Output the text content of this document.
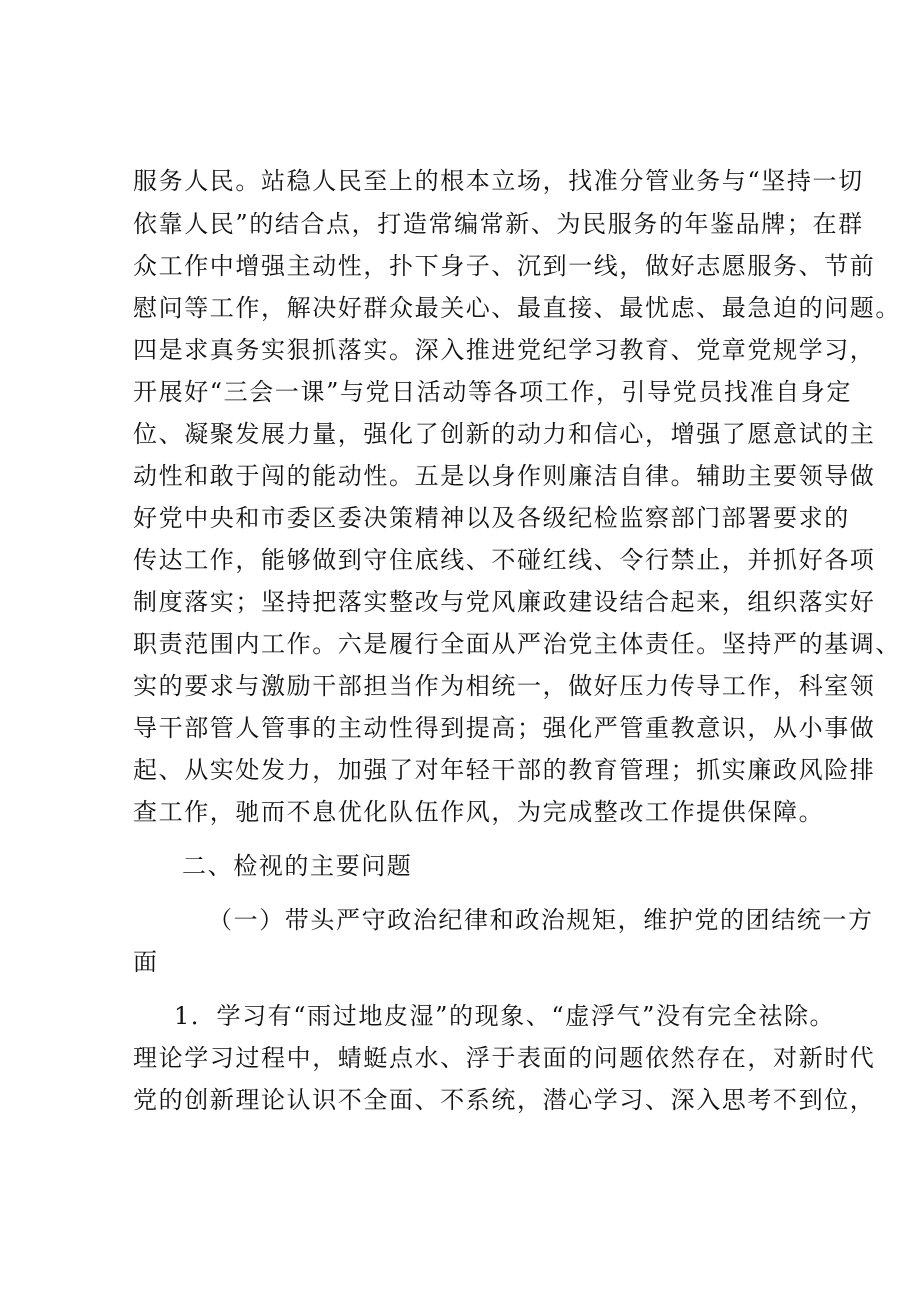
服务人民。站稳人民至上的根本立场，找准分管业务与“坚持一切
依靠人民”的结合点，打造常编常新、为民服务的年鉴品牌；在群
众工作中增强主动性，扑下身子、沉到一线，做好志愿服务、节前
慰问等工作，解决好群众最关心、最直接、最忧虑、最急迫的问题。
四是求真务实狠抓落实。深入推进党纪学习教育、党章党规学习，
开展好“三会一课”与党日活动等各项工作，引导党员找准自身定
位、凝聚发展力量，强化了创新的动力和信心，增强了愿意试的主
动性和敢于闯的能动性。五是以身作则廉洁自律。辅助主要领导做
好党中央和市委区委决策精神以及各级纪检监察部门部署要求的
传达工作，能够做到守住底线、不碰红线、令行禁止，并抓好各项
制度落实；坚持把落实整改与党风廉政建设结合起来，组织落实好
职责范围内工作。六是履行全面从严治党主体责任。坚持严的基调、
实的要求与激励干部担当作为相统一，做好压力传导工作，科室领
导干部管人管事的主动性得到提高；强化严管重教意识，从小事做
起、从实处发力，加强了对年轻干部的教育管理；抓实廉政风险排
查工作，驰而不息优化队伍作风，为完成整改工作提供保障。
二、检视的主要问题
（一）带头严守政治纪律和政治规矩，维护党的团结统一方
面
1．学习有“雨过地皮湿”的现象、“虚浮气”没有完全祛除。
理论学习过程中，蜻蜓点水、浮于表面的问题依然存在，对新时代
党的创新理论认识不全面、不系统，潜心学习、深入思考不到位，
